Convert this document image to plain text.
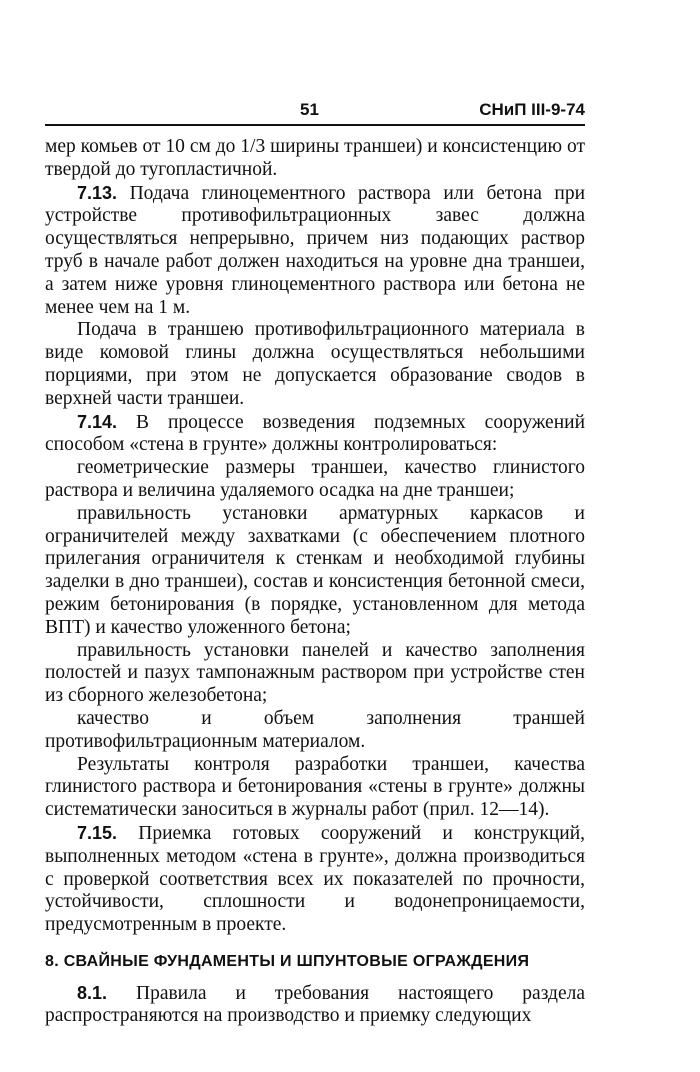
51	СНиП III-9-74

мер комьев от 10 см до 1/3 ширины траншеи) и консистенцию от твердой до тугопластичной.

7.13. Подача глиноцементного раствора или бетона при устройстве противофильтрационных завес должна осуществляться непрерывно, причем низ подающих раствор труб в начале работ должен находиться на уровне дна траншеи, а затем ниже уровня глиноцементного раствора или бетона не менее чем на 1 м.

Подача в траншею противофильтрационного материала в виде комовой глины должна осуществляться небольшими порциями, при этом не допускается образование сводов в верхней части траншеи.

7.14. В процессе возведения подземных сооружений способом «стена в грунте» должны контролироваться:

геометрические размеры траншеи, качество глинистого раствора и величина удаляемого осадка на дне траншеи;

правильность установки арматурных каркасов и ограничителей между захватками (с обеспечением плотного прилегания ограничителя к стенкам и необходимой глубины заделки в дно траншеи), состав и консистенция бетонной смеси, режим бетонирования (в порядке, установленном для метода ВПТ) и качество уложенного бетона;

правильность установки панелей и качество заполнения полостей и пазух тампонажным раствором при устройстве стен из сборного железобетона;

качество и объем заполнения траншей противофильтрационным материалом.

Результаты контроля разработки траншеи, качества глинистого раствора и бетонирования «стены в грунте» должны систематически заноситься в журналы работ (прил. 12—14).

7.15. Приемка готовых сооружений и конструкций, выполненных методом «стена в грунте», должна производиться с проверкой соответствия всех их показателей по прочности, устойчивости, сплошности и водонепроницаемости, предусмотренным в проекте.

8. СВАЙНЫЕ ФУНДАМЕНТЫ И ШПУНТОВЫЕ ОГРАЖДЕНИЯ

8.1. Правила и требования настоящего раздела распространяются на производство и приемку следующих
